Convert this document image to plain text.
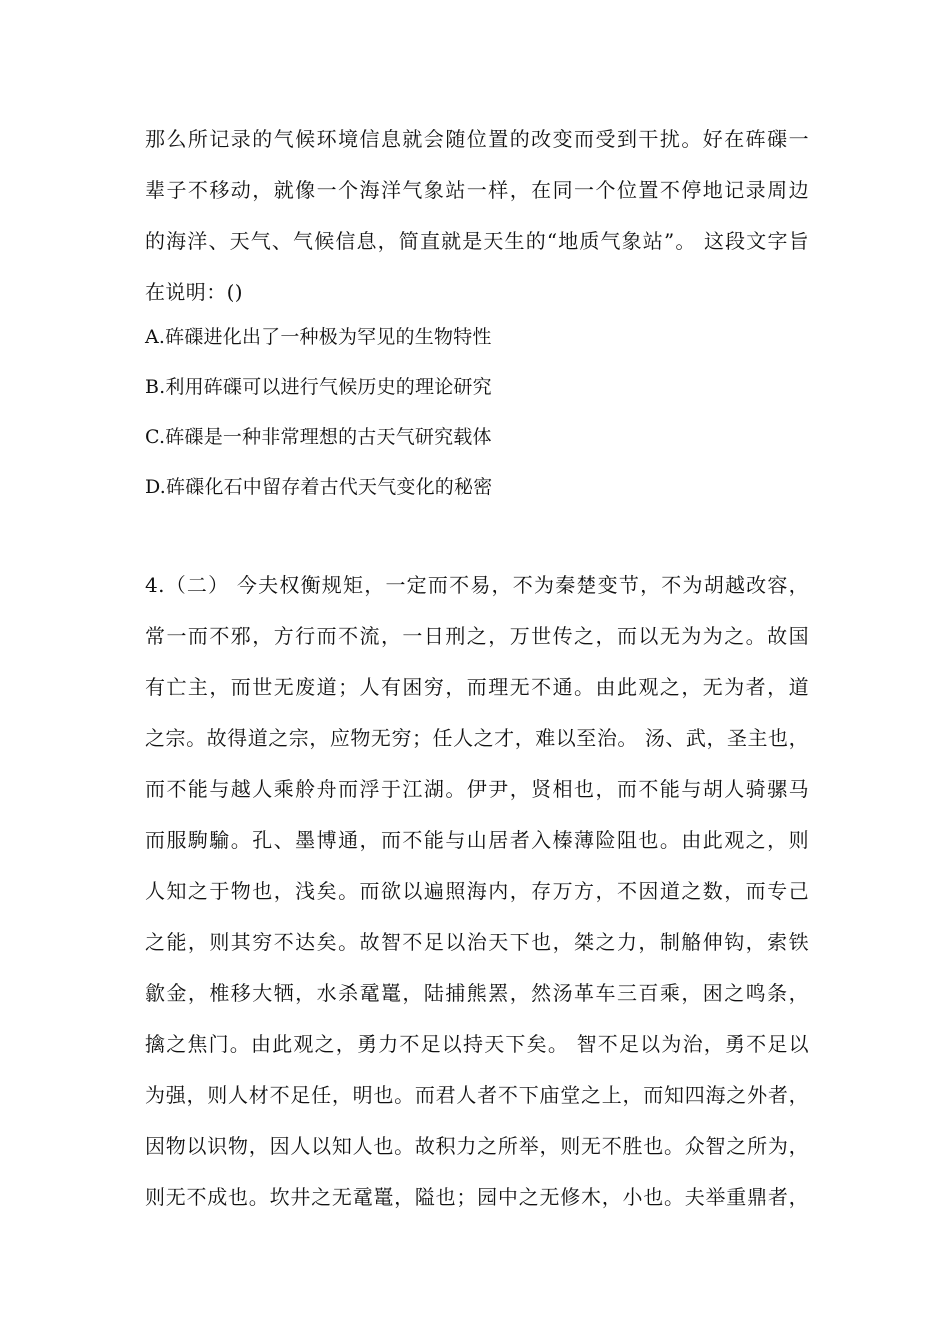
那么所记录的气候环境信息就会随位置的改变而受到干扰。好在砗磲一
辈子不移动，就像一个海洋气象站一样，在同一个位置不停地记录周边
的海洋、天气、气候信息，简直就是天生的“地质气象站”。 这段文字旨
在说明：()
A.砗磲进化出了一种极为罕见的生物特性
B.利用砗磲可以进行气候历史的理论研究
C.砗磲是一种非常理想的古天气研究载体
D.砗磲化石中留存着古代天气变化的秘密
4.（二） 今夫权衡规矩，一定而不易，不为秦楚变节，不为胡越改容，
常一而不邪，方行而不流，一日刑之，万世传之，而以无为为之。故国
有亡主，而世无废道；人有困穷，而理无不通。由此观之，无为者，道
之宗。故得道之宗，应物无穷；任人之才，难以至治。 汤、武，圣主也，
而不能与越人乘舲舟而浮于江湖。伊尹，贤相也，而不能与胡人骑骡马
而服駒騟。孔、墨博通，而不能与山居者入榛薄险阻也。由此观之，则
人知之于物也，浅矣。而欲以遍照海内，存万方，不因道之数，而专己
之能，则其穷不达矣。故智不足以治天下也，桀之力，制觡伸钩，索铁
歙金，椎移大牺，水杀鼋鼍，陆捕熊罴，然汤革车三百乘，困之鸣条，
擒之焦门。由此观之，勇力不足以持天下矣。 智不足以为治，勇不足以
为强，则人材不足任，明也。而君人者不下庙堂之上，而知四海之外者，
因物以识物，因人以知人也。故积力之所举，则无不胜也。众智之所为，
则无不成也。坎井之无鼋鼍，隘也；园中之无修木，小也。夫举重鼎者，
